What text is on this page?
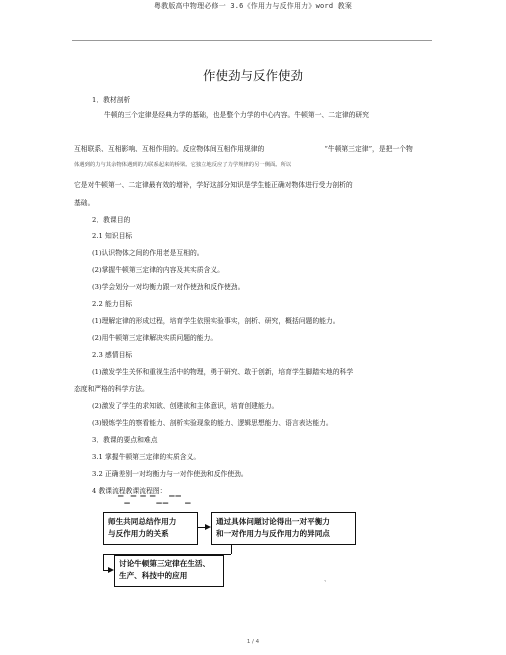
粤教版高中物理必修一 3.6《作用力与反作用力》word 教案
作使劲与反作使劲
1．教材剖析
牛顿的三个定律是经典力学的基础，也是整个力学的中心内容。牛顿第一、二定律的研究
互相联系、互相影响、互相作用的。反应物体间互相作用规律的	“牛顿第三定律”，是把一个物
体遇到的力与其余物体遇到的力联系起来的桥梁。它独立地反应了力学规律的另一侧面。所以
它是对牛顿第一、二定律最有效的增补，学好这部分知识是学生能正确对物体进行受力剖析的
基础。
2．教课目的
2.1 知识目标
(1)认识物体之间的作用老是互相的。
(2)掌握牛顿第三定律的内容及其实质含义。
(3)学会划分一对均衡力跟一对作使劲和反作使劲。
2.2 能力目标
(1)理解定律的形成过程，培育学生依照实验事实，剖析、研究，概括问题的能力。
(2)用牛顿第三定律解决实质问题的能力。
2.3 感情目标
(1)激发学生关怀和重视生活中的物理，勇于研究、敢于创新，培育学生脚踏实地的科学
态度和严格的科学方法。
(2)激发了学生的求知欲、创建欲和主体意识，培育创建能力。
(3)锻炼学生的察看能力、剖析实验现象的能力、逻辑思想能力、语言表达能力。
3．教课的要点和难点
3.1 掌握牛顿第三定律的实质含义。
3.2 正确差别一对均衡力与一对作使劲和反作使劲。
4 教课流程教课流程图：
▔▁▔ ▔ ▔▁▁▔▔ ▁
师生共同总结作用力
与反作用力的关系
通过具体问题讨论得出一对平衡力
和一对作用力与反作用力的异同点
讨论牛顿第三定律在生活、
生产、科技中的应用	、
1 / 4
